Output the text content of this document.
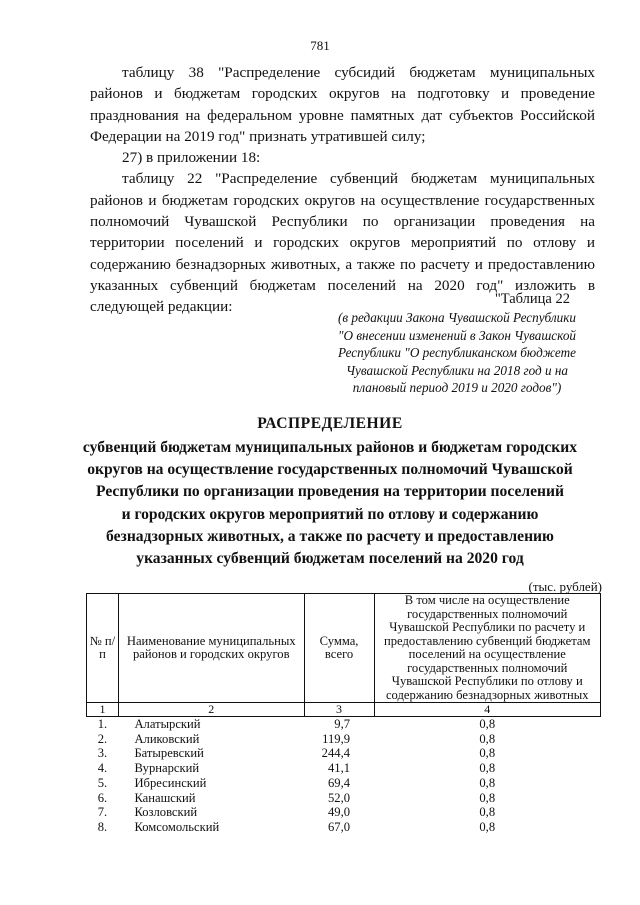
781

таблицу 38 "Распределение субсидий бюджетам муниципальных районов и бюджетам городских округов на подготовку и проведение празднования на федеральном уровне памятных дат субъектов Российской Федерации на 2019 год" признать утратившей силу;

27) в приложении 18:

таблицу 22 "Распределение субвенций бюджетам муниципальных районов и бюджетам городских округов на осуществление государственных полномочий Чувашской Республики по организации проведения на территории поселений и городских округов мероприятий по отлову и содержанию безнадзорных животных, а также по расчету и предоставлению указанных субвенций бюджетам поселений на 2020 год" изложить в следующей редакции:	"Таблица 22
(в редакции Закона Чувашской Республики
"О внесении изменений в Закон Чувашской
Республики "О республиканском бюджете
Чувашской Республики на 2018 год и на
плановый период 2019 и 2020 годов")
РАСПРЕДЕЛЕНИЕ
субвенций бюджетам муниципальных районов и бюджетам городских
округов на осуществление государственных полномочий Чувашской
Республики по организации проведения на территории поселений
и городских округов мероприятий по отлову и содержанию
безнадзорных животных, а также по расчету и предоставлению
указанных субвенций бюджетам поселений на 2020 год
(тыс. рублей)
№ п/п	Наименование муниципальных районов и городских округов	Сумма, всего	В том числе на осуществление государственных полномочий Чувашской Республики по расчету и предоставлению субвенций бюджетам поселений на осуществление государственных полномочий Чувашской Республики по отлову и содержанию безнадзорных животных
1	2	3	4
1.	Алатырский	9,7	0,8
2.	Аликовский	119,9	0,8
3.	Батыревский	244,4	0,8
4.	Вурнарский	41,1	0,8
5.	Ибресинский	69,4	0,8
6.	Канашский	52,0	0,8
7.	Козловский	49,0	0,8
8.	Комсомольский	67,0	0,8
